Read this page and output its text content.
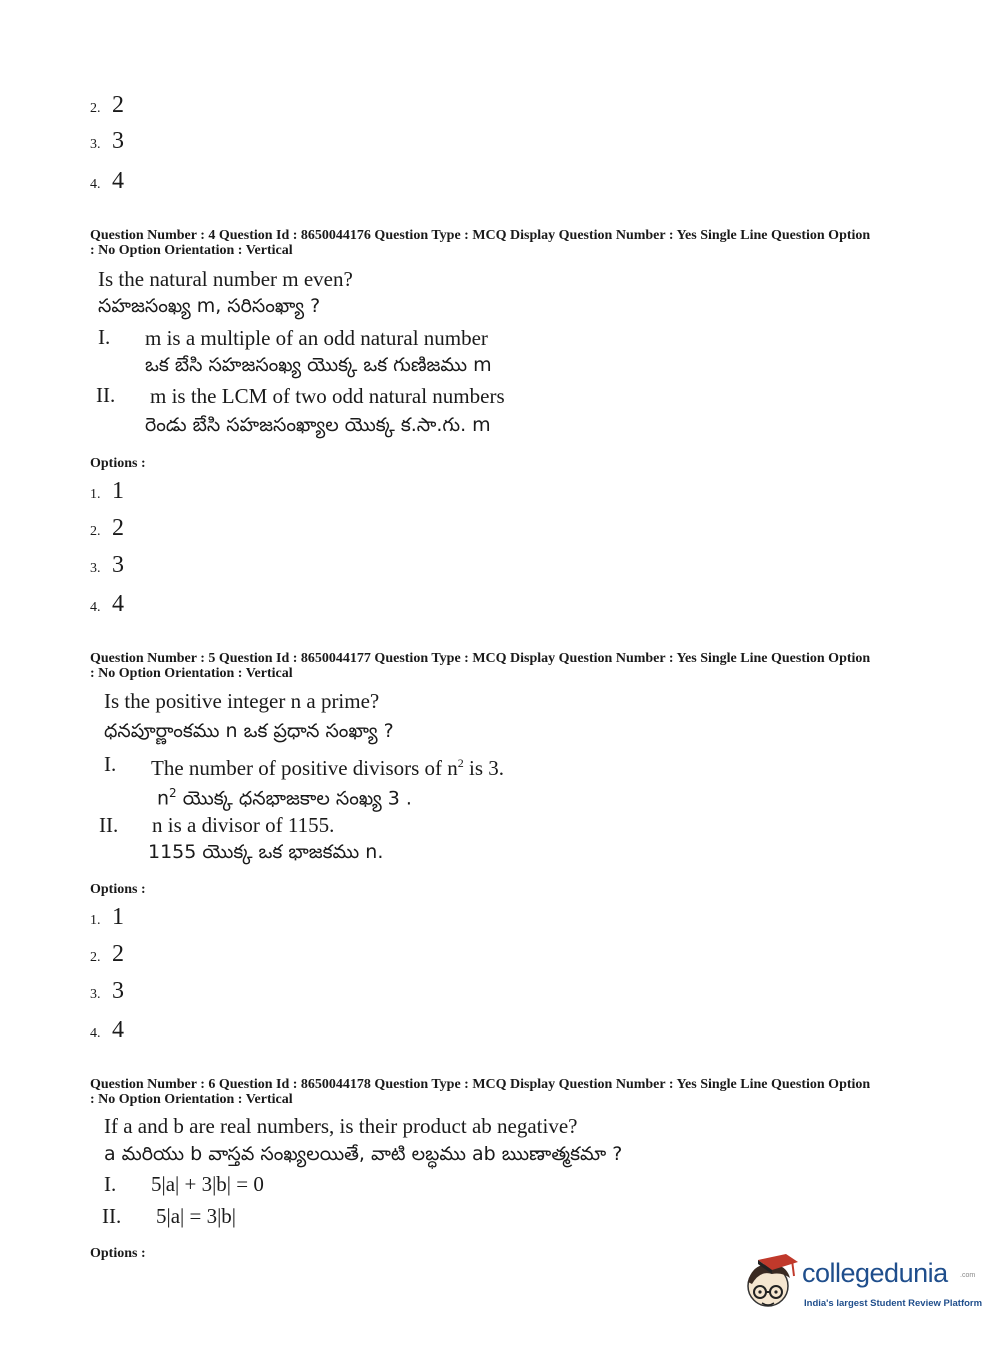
2. 2
3. 3
4. 4
Question Number : 4 Question Id : 8650044176 Question Type : MCQ Display Question Number : Yes Single Line Question Option
: No Option Orientation : Vertical
Is the natural number m even?
సహజసంఖ్య m, సరిసంఖ్యా ?
I. m is a multiple of an odd natural number
ఒక బేసి సహజసంఖ్య యొక్క ఒక గుణిజము m
II. m is the LCM of two odd natural numbers
రెండు బేసి సహజసంఖ్యాల యొక్క క.సా.గు. m
Options :
1. 1
2. 2
3. 3
4. 4
Question Number : 5 Question Id : 8650044177 Question Type : MCQ Display Question Number : Yes Single Line Question Option
: No Option Orientation : Vertical
Is the positive integer n a prime?
ధనపూర్ణాంకము n ఒక ప్రధాన సంఖ్యా ?
I. The number of positive divisors of $n^2$ is 3.
$n^2$ యొక్క ధనభాజకాల సంఖ్య 3 .
II. n is a divisor of 1155.
1155 యొక్క ఒక భాజకము n.
Options :
1. 1
2. 2
3. 3
4. 4
Question Number : 6 Question Id : 8650044178 Question Type : MCQ Display Question Number : Yes Single Line Question Option
: No Option Orientation : Vertical
If a and b are real numbers, is their product ab negative?
a మరియు b వాస్తవ సంఖ్యలయితే, వాటి లబ్ధము ab ఋణాత్మకమా ?
I. 5|a| + 3|b| = 0
II. 5|a| = 3|b|
Options :
collegedunia .com
India's largest Student Review Platform
